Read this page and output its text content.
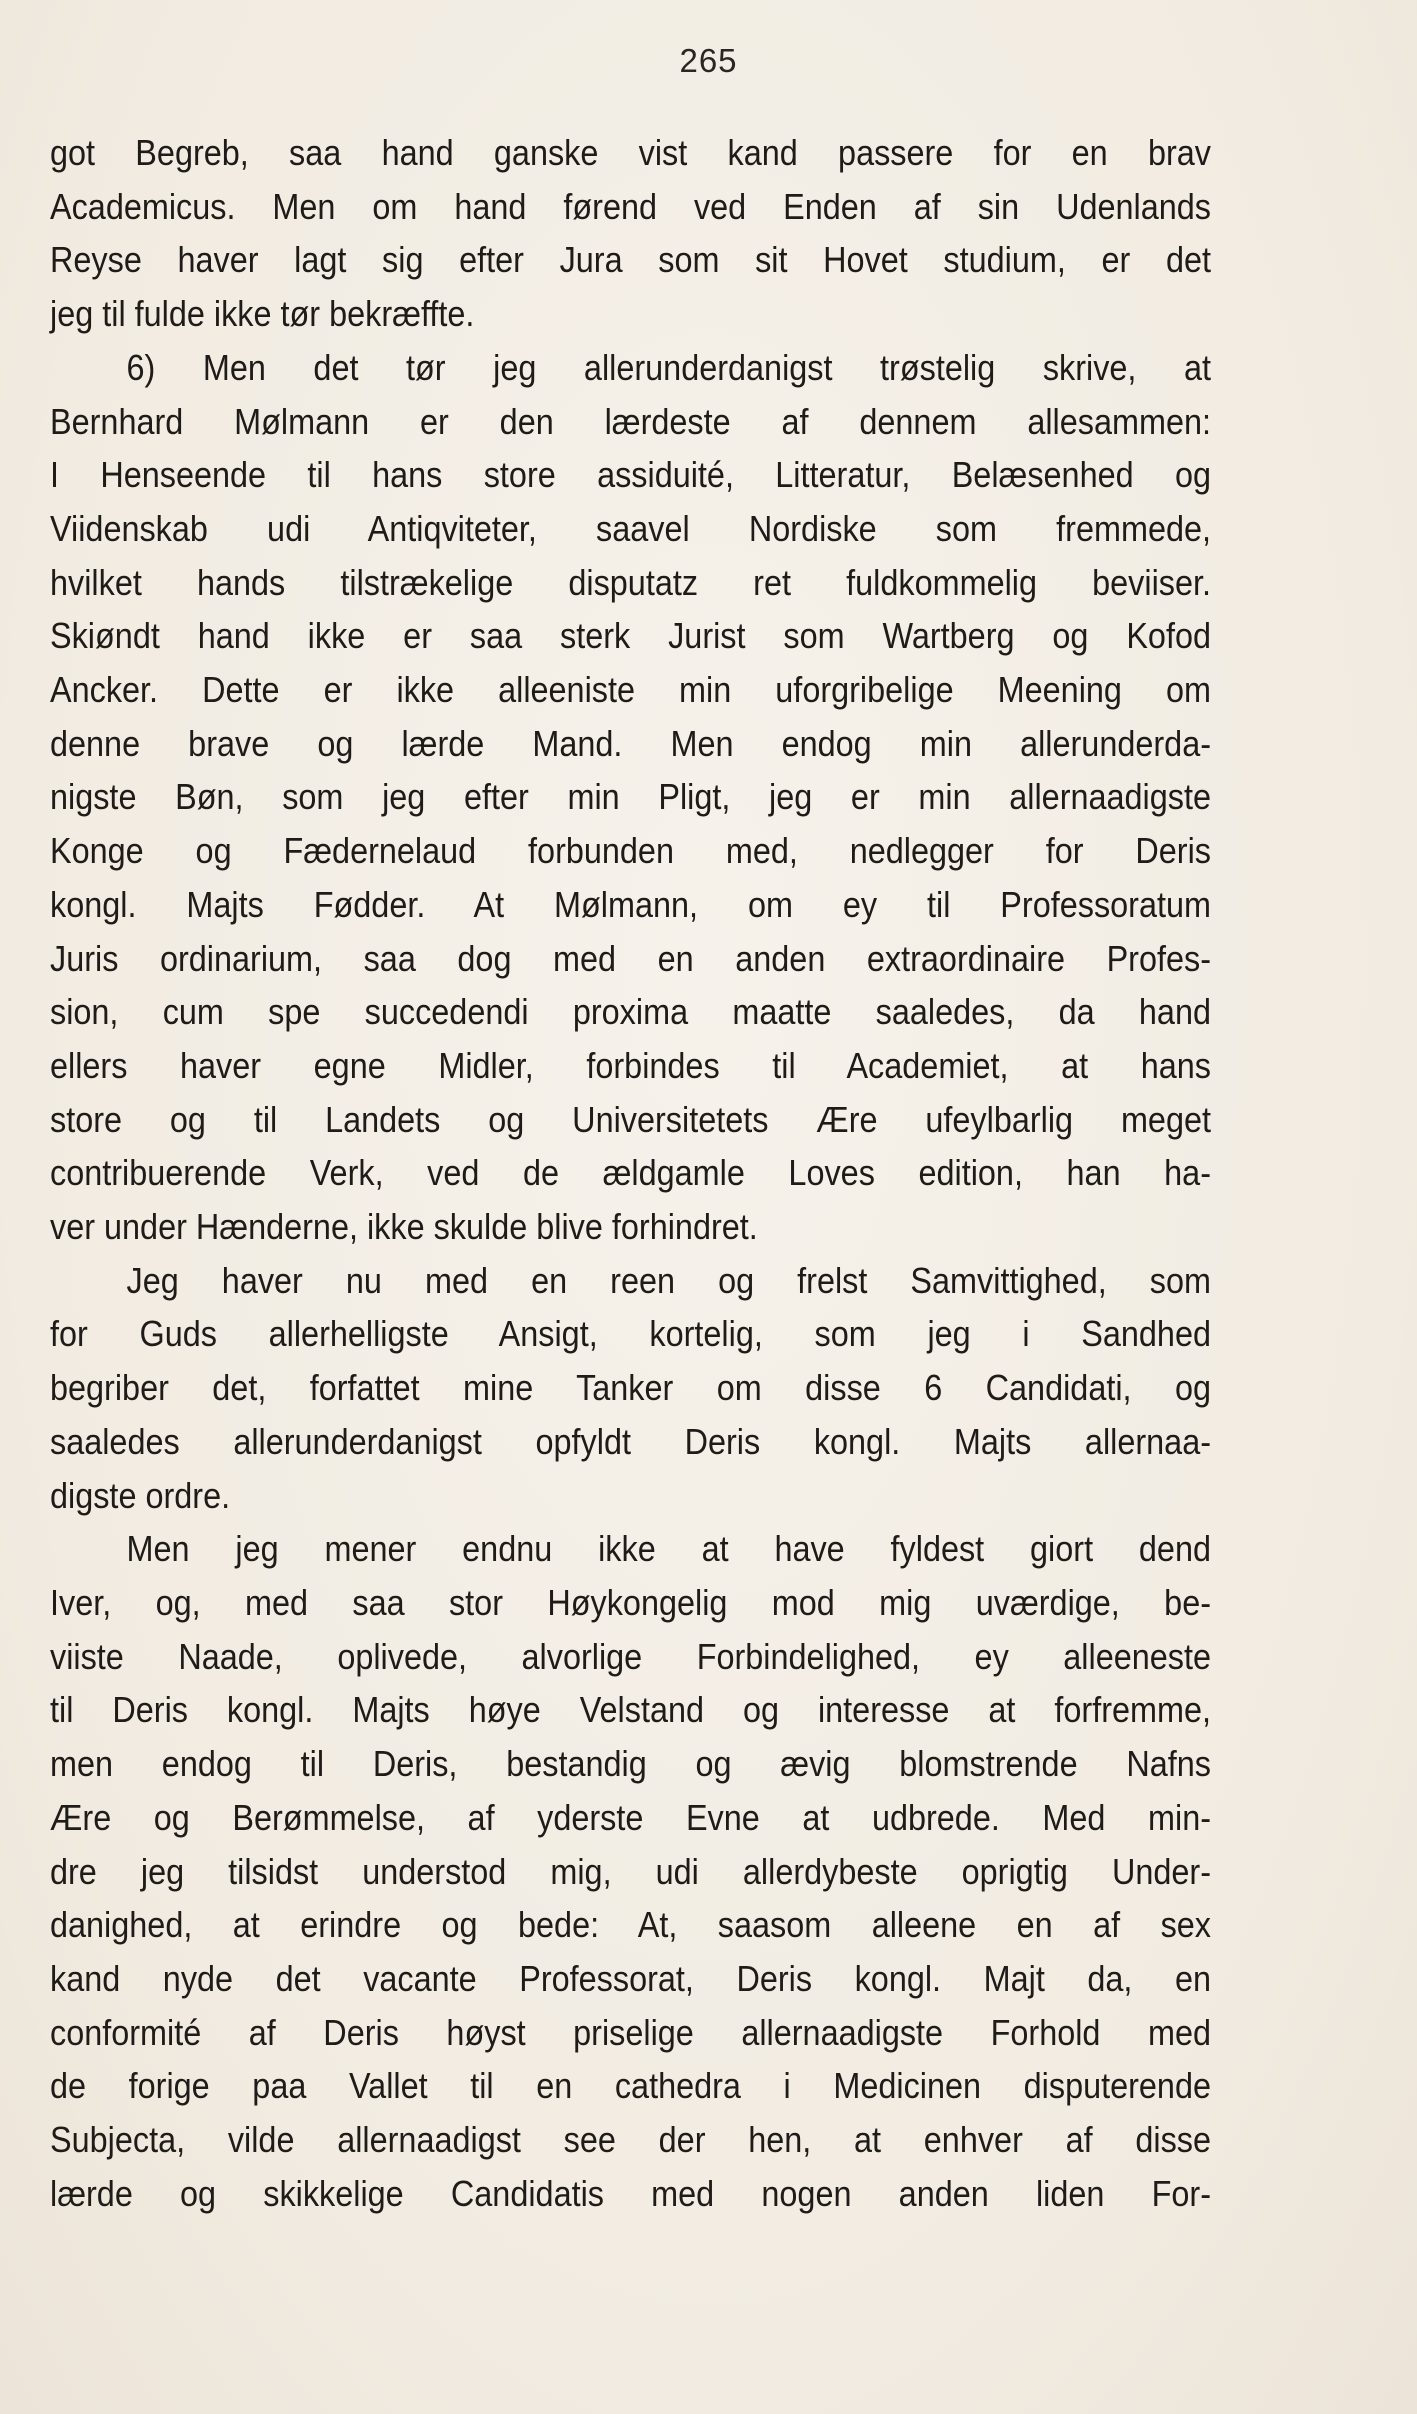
265
got Begreb, saa hand ganske vist kand passere for en brav
Academicus. Men om hand førend ved Enden af sin Udenlands
Reyse haver lagt sig efter Jura som sit Hovet studium, er det
jeg til fulde ikke tør bekræffte.
6) Men det tør jeg allerunderdanigst trøstelig skrive, at
Bernhard Mølmann er den lærdeste af dennem allesammen:
I Henseende til hans store assiduité, Litteratur, Belæsenhed og
Viidenskab udi Antiqviteter, saavel Nordiske som fremmede,
hvilket hands tilstrækelige disputatz ret fuldkommelig beviiser.
Skiøndt hand ikke er saa sterk Jurist som Wartberg og Kofod
Ancker. Dette er ikke alleeniste min uforgribelige Meening om
denne brave og lærde Mand. Men endog min allerunderda-
nigste Bøn, som jeg efter min Pligt, jeg er min allernaadigste
Konge og Fædernelaud forbunden med, nedlegger for Deris
kongl. Majts Fødder. At Mølmann, om ey til Professoratum
Juris ordinarium, saa dog med en anden extraordinaire Profes-
sion, cum spe succedendi proxima maatte saaledes, da hand
ellers haver egne Midler, forbindes til Academiet, at hans
store og til Landets og Universitetets Ære ufeylbarlig meget
contribuerende Verk, ved de ældgamle Loves edition, han ha-
ver under Hænderne, ikke skulde blive forhindret.
Jeg haver nu med en reen og frelst Samvittighed, som
for Guds allerhelligste Ansigt, kortelig, som jeg i Sandhed
begriber det, forfattet mine Tanker om disse 6 Candidati, og
saaledes allerunderdanigst opfyldt Deris kongl. Majts allernaa-
digste ordre.
Men jeg mener endnu ikke at have fyldest giort dend
Iver, og, med saa stor Høykongelig mod mig uværdige, be-
viiste Naade, oplivede, alvorlige Forbindelighed, ey alleeneste
til Deris kongl. Majts høye Velstand og interesse at forfremme,
men endog til Deris, bestandig og ævig blomstrende Nafns
Ære og Berømmelse, af yderste Evne at udbrede. Med min-
dre jeg tilsidst understod mig, udi allerdybeste oprigtig Under-
danighed, at erindre og bede: At, saasom alleene en af sex
kand nyde det vacante Professorat, Deris kongl. Majt da, en
conformité af Deris høyst priselige allernaadigste Forhold med
de forige paa Vallet til en cathedra i Medicinen disputerende
Subjecta, vilde allernaadigst see der hen, at enhver af disse
lærde og skikkelige Candidatis med nogen anden liden For-
